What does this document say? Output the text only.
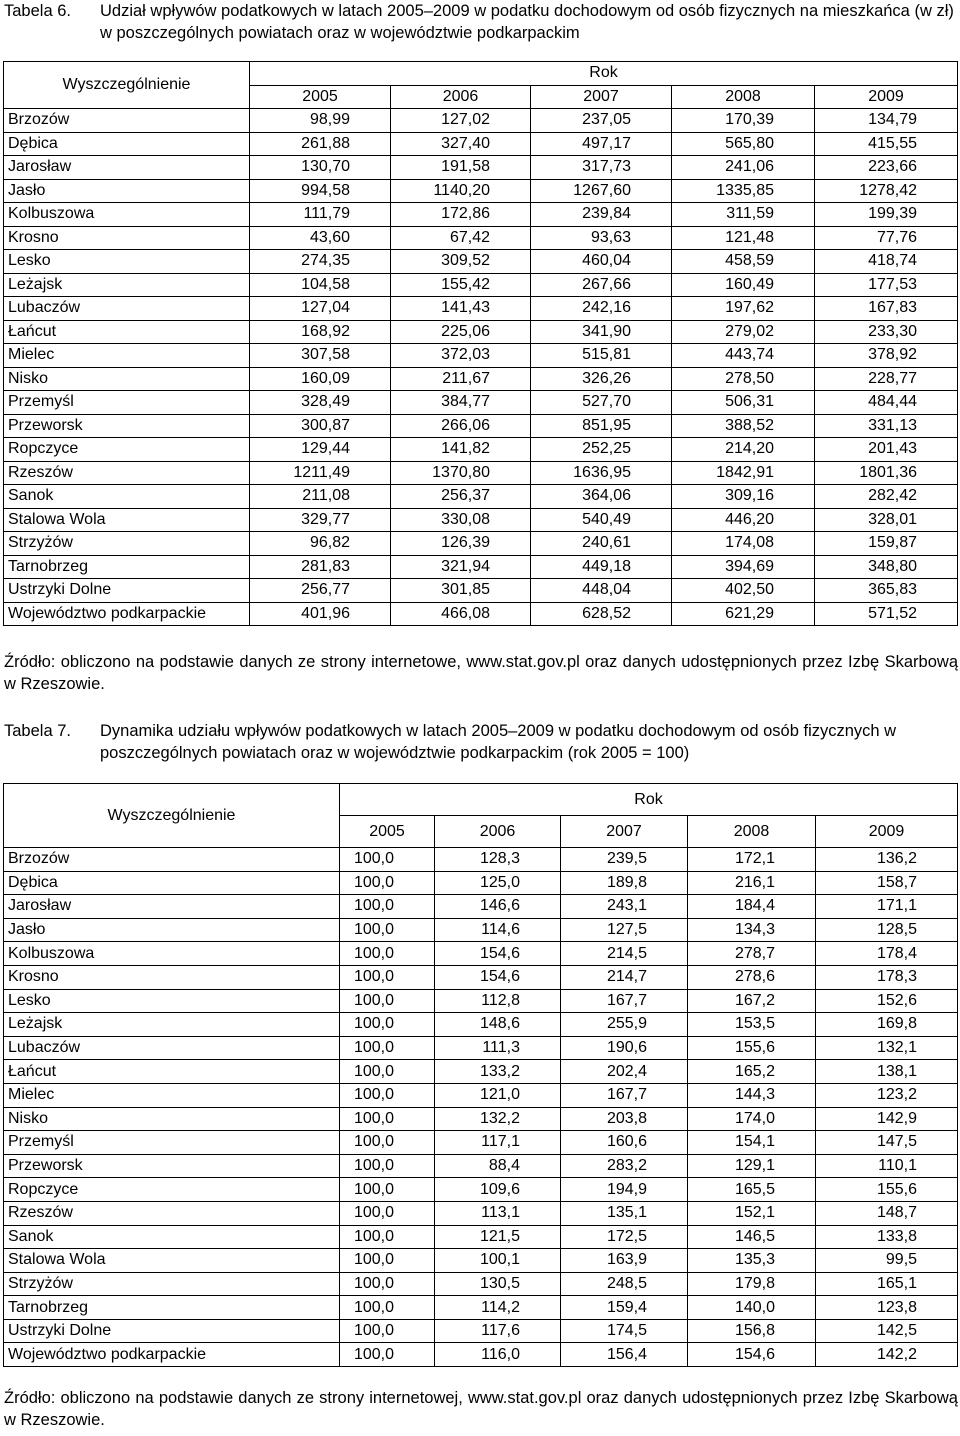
Tabela 6. Udział wpływów podatkowych w latach 2005–2009 w podatku dochodowym od osób fizycznych na mieszkańca (w zł) w poszczególnych powiatach oraz w województwie podkarpackim
Wyszczególnienie	Rok				
	2005	2006	2007	2008	2009
Brzozów	98,99	127,02	237,05	170,39	134,79
Dębica	261,88	327,40	497,17	565,80	415,55
Jarosław	130,70	191,58	317,73	241,06	223,66
Jasło	994,58	1140,20	1267,60	1335,85	1278,42
Kolbuszowa	111,79	172,86	239,84	311,59	199,39
Krosno	43,60	67,42	93,63	121,48	77,76
Lesko	274,35	309,52	460,04	458,59	418,74
Leżajsk	104,58	155,42	267,66	160,49	177,53
Lubaczów	127,04	141,43	242,16	197,62	167,83
Łańcut	168,92	225,06	341,90	279,02	233,30
Mielec	307,58	372,03	515,81	443,74	378,92
Nisko	160,09	211,67	326,26	278,50	228,77
Przemyśl	328,49	384,77	527,70	506,31	484,44
Przeworsk	300,87	266,06	851,95	388,52	331,13
Ropczyce	129,44	141,82	252,25	214,20	201,43
Rzeszów	1211,49	1370,80	1636,95	1842,91	1801,36
Sanok	211,08	256,37	364,06	309,16	282,42
Stalowa Wola	329,77	330,08	540,49	446,20	328,01
Strzyżów	96,82	126,39	240,61	174,08	159,87
Tarnobrzeg	281,83	321,94	449,18	394,69	348,80
Ustrzyki Dolne	256,77	301,85	448,04	402,50	365,83
Województwo podkarpackie	401,96	466,08	628,52	621,29	571,52
Źródło: obliczono na podstawie danych ze strony internetowe, www.stat.gov.pl oraz danych udostępnionych przez Izbę Skarbową w Rzeszowie.
Tabela 7. Dynamika udziału wpływów podatkowych w latach 2005–2009 w podatku dochodowym od osób fizycznych w poszczególnych powiatach oraz w województwie podkarpackim (rok 2005 = 100)
Wyszczególnienie	Rok				
	2005	2006	2007	2008	2009
Brzozów	100,0	128,3	239,5	172,1	136,2
Dębica	100,0	125,0	189,8	216,1	158,7
Jarosław	100,0	146,6	243,1	184,4	171,1
Jasło	100,0	114,6	127,5	134,3	128,5
Kolbuszowa	100,0	154,6	214,5	278,7	178,4
Krosno	100,0	154,6	214,7	278,6	178,3
Lesko	100,0	112,8	167,7	167,2	152,6
Leżajsk	100,0	148,6	255,9	153,5	169,8
Lubaczów	100,0	111,3	190,6	155,6	132,1
Łańcut	100,0	133,2	202,4	165,2	138,1
Mielec	100,0	121,0	167,7	144,3	123,2
Nisko	100,0	132,2	203,8	174,0	142,9
Przemyśl	100,0	117,1	160,6	154,1	147,5
Przeworsk	100,0	88,4	283,2	129,1	110,1
Ropczyce	100,0	109,6	194,9	165,5	155,6
Rzeszów	100,0	113,1	135,1	152,1	148,7
Sanok	100,0	121,5	172,5	146,5	133,8
Stalowa Wola	100,0	100,1	163,9	135,3	99,5
Strzyżów	100,0	130,5	248,5	179,8	165,1
Tarnobrzeg	100,0	114,2	159,4	140,0	123,8
Ustrzyki Dolne	100,0	117,6	174,5	156,8	142,5
Województwo podkarpackie	100,0	116,0	156,4	154,6	142,2
Źródło: obliczono na podstawie danych ze strony internetowej, www.stat.gov.pl oraz danych udostępnionych przez Izbę Skarbową w Rzeszowie.
